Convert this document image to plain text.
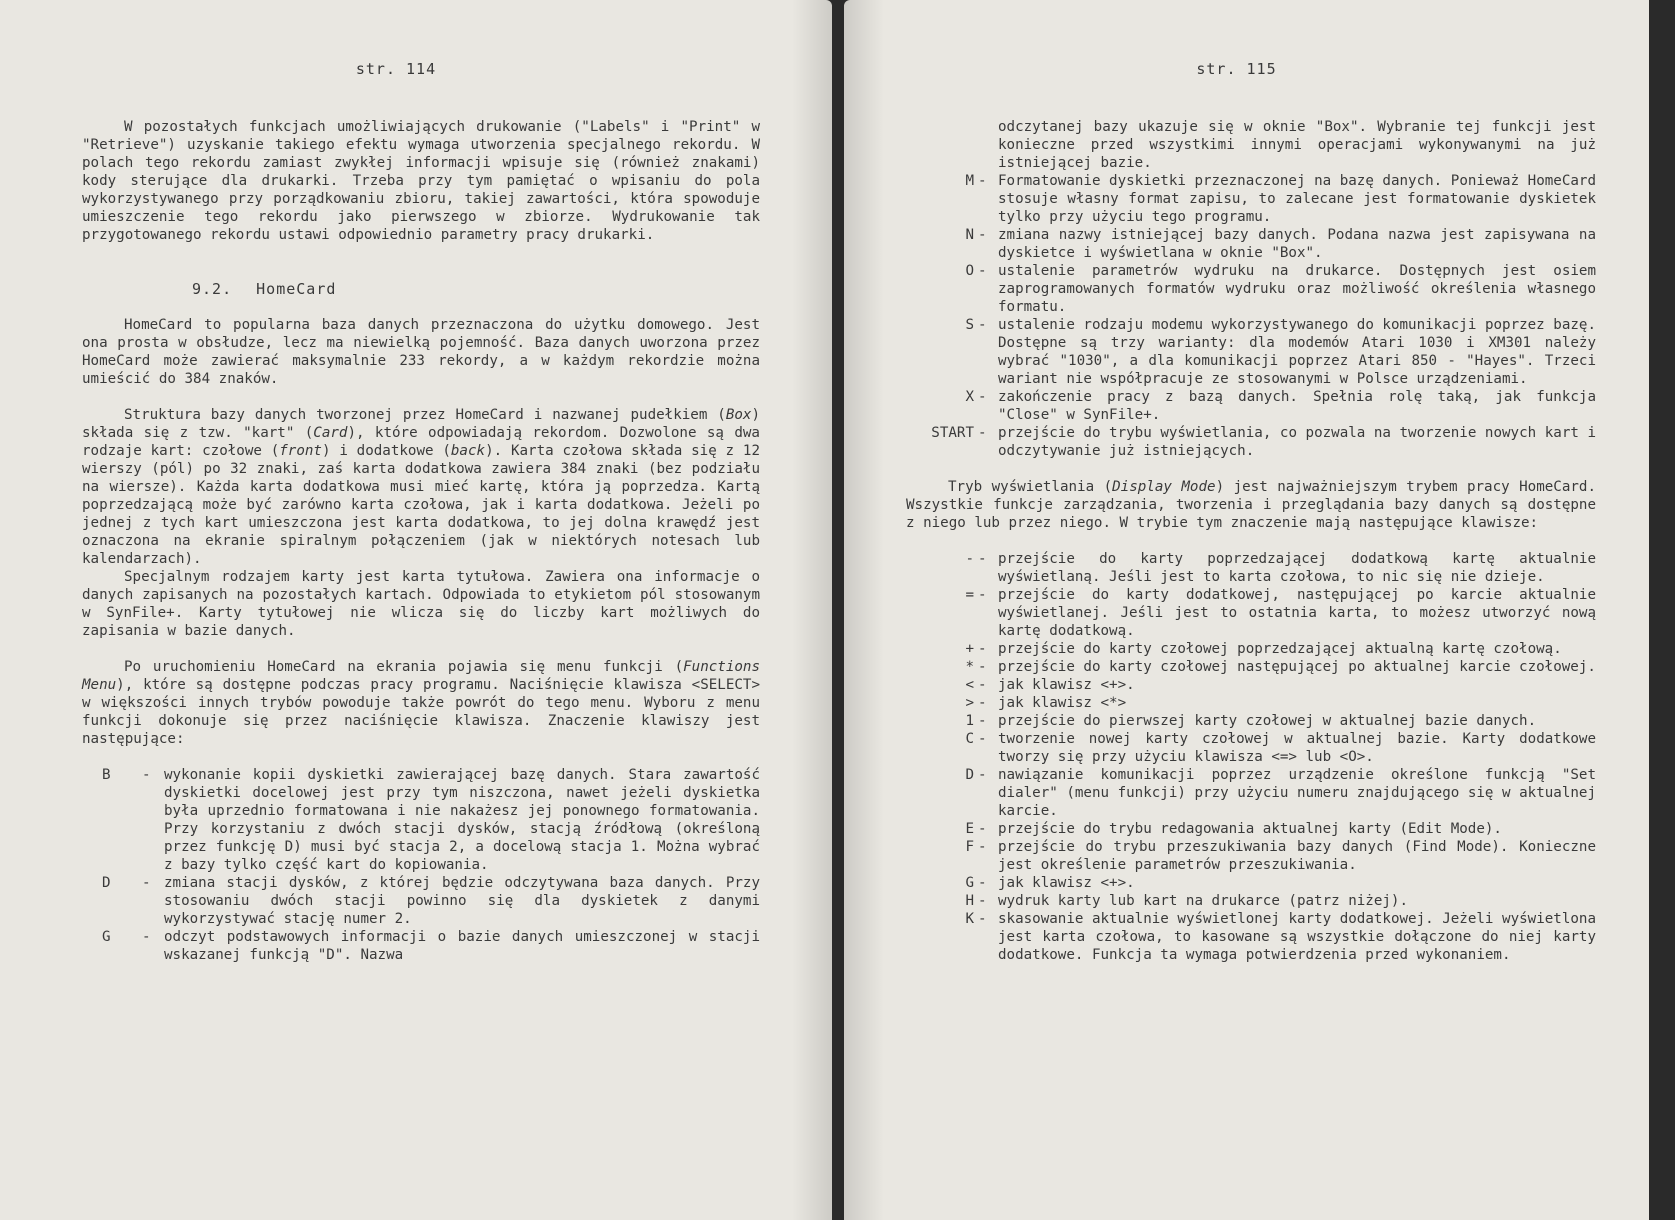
str. 114

W pozostałych funkcjach umożliwiających drukowanie ("Labels" i "Print" w "Retrieve") uzyskanie takiego efektu wymaga utworzenia specjalnego rekordu. W polach tego rekordu zamiast zwykłej informacji wpisuje się (również znakami) kody sterujące dla drukarki. Trzeba przy tym pamiętać o wpisaniu do pola wykorzystywanego przy porządkowaniu zbioru, takiej zawartości, która spowoduje umieszczenie tego rekordu jako pierwszego w zbiorze. Wydrukowanie tak przygotowanego rekordu ustawi odpowiednio parametry pracy drukarki.

9.2. HomeCard

HomeCard to popularna baza danych przeznaczona do użytku domowego. Jest ona prosta w obsłudze, lecz ma niewielką pojemność. Baza danych uworzona przez HomeCard może zawierać maksymalnie 233 rekordy, a w każdym rekordzie można umieścić do 384 znaków.

Struktura bazy danych tworzonej przez HomeCard i nazwanej pudełkiem (Box) składa się z tzw. "kart" (Card), które odpowiadają rekordom. Dozwolone są dwa rodzaje kart: czołowe (front) i dodatkowe (back). Karta czołowa składa się z 12 wierszy (pól) po 32 znaki, zaś karta dodatkowa zawiera 384 znaki (bez podziału na wiersze). Każda karta dodatkowa musi mieć kartę, która ją poprzedza. Kartą poprzedzającą może być zarówno karta czołowa, jak i karta dodatkowa. Jeżeli po jednej z tych kart umieszczona jest karta dodatkowa, to jej dolna krawędź jest oznaczona na ekranie spiralnym połączeniem (jak w niektórych notesach lub kalendarzach).

Specjalnym rodzajem karty jest karta tytułowa. Zawiera ona informacje o danych zapisanych na pozostałych kartach. Odpowiada to etykietom pól stosowanym w SynFile+. Karty tytułowej nie wlicza się do liczby kart możliwych do zapisania w bazie danych.

Po uruchomieniu HomeCard na ekrania pojawia się menu funkcji (Functions Menu), które są dostępne podczas pracy programu. Naciśnięcie klawisza <SELECT> w większości innych trybów powoduje także powrót do tego menu. Wyboru z menu funkcji dokonuje się przez naciśnięcie klawisza. Znaczenie klawiszy jest następujące:

B	- wykonanie kopii dyskietki zawierającej bazę danych. Stara zawartość dyskietki docelowej jest przy tym niszczona, nawet jeżeli dyskietka była uprzednio formatowana i nie nakażesz jej ponownego formatowania. Przy korzystaniu z dwóch stacji dysków, stacją źródłową (określoną przez funkcję D) musi być stacja 2, a docelową stacja 1. Można wybrać z bazy tylko część kart do kopiowania.
D	- zmiana stacji dysków, z której będzie odczytywana baza danych. Przy stosowaniu dwóch stacji powinno się dla dyskietek z danymi wykorzystywać stację numer 2.
G	- odczyt podstawowych informacji o bazie danych umieszczonej w stacji wskazanej funkcją "D". Nazwa
str. 115
odczytanej bazy ukazuje się w oknie "Box". Wybranie tej funkcji jest konieczne przed wszystkimi innymi operacjami wykonywanymi na już istniejącej bazie.
M - Formatowanie dyskietki przeznaczonej na bazę danych. Ponieważ HomeCard stosuje własny format zapisu, to zalecane jest formatowanie dyskietek tylko przy użyciu tego programu.
N - zmiana nazwy istniejącej bazy danych. Podana nazwa jest zapisywana na dyskietce i wyświetlana w oknie "Box".
O - ustalenie parametrów wydruku na drukarce. Dostępnych jest osiem zaprogramowanych formatów wydruku oraz możliwość określenia własnego formatu.
S - ustalenie rodzaju modemu wykorzystywanego do komunikacji poprzez bazę. Dostępne są trzy warianty: dla modemów Atari 1030 i XM301 należy wybrać "1030", a dla komunikacji poprzez Atari 850 - "Hayes". Trzeci wariant nie współpracuje ze stosowanymi w Polsce urządzeniami.
X - zakończenie pracy z bazą danych. Spełnia rolę taką, jak funkcja "Close" w SynFile+.
START - przejście do trybu wyświetlania, co pozwala na tworzenie nowych kart i odczytywanie już istniejących.

Tryb wyświetlania (Display Mode) jest najważniejszym trybem pracy HomeCard. Wszystkie funkcje zarządzania, tworzenia i przeglądania bazy danych są dostępne z niego lub przez niego. W trybie tym znaczenie mają następujące klawisze:

- - przejście do karty poprzedzającej dodatkową kartę aktualnie wyświetlaną. Jeśli jest to karta czołowa, to nic się nie dzieje.
= - przejście do karty dodatkowej, następującej po karcie aktualnie wyświetlanej. Jeśli jest to ostatnia karta, to możesz utworzyć nową kartę dodatkową.
+ - przejście do karty czołowej poprzedzającej aktualną kartę czołową.
* - przejście do karty czołowej następującej po aktualnej karcie czołowej.
< - jak klawisz <+>.
> - jak klawisz <*>
1 - przejście do pierwszej karty czołowej w aktualnej bazie danych.
C - tworzenie nowej karty czołowej w aktualnej bazie. Karty dodatkowe tworzy się przy użyciu klawisza <=> lub <O>.
D - nawiązanie komunikacji poprzez urządzenie określone funkcją "Set dialer" (menu funkcji) przy użyciu numeru znajdującego się w aktualnej karcie.
E - przejście do trybu redagowania aktualnej karty (Edit Mode).
F - przejście do trybu przeszukiwania bazy danych (Find Mode). Konieczne jest określenie parametrów przeszukiwania.
G - jak klawisz <+>.
H - wydruk karty lub kart na drukarce (patrz niżej).
K - skasowanie aktualnie wyświetlonej karty dodatkowej. Jeżeli wyświetlona jest karta czołowa, to kasowane są wszystkie dołączone do niej karty dodatkowe. Funkcja ta wymaga potwierdzenia przed wykonaniem.
